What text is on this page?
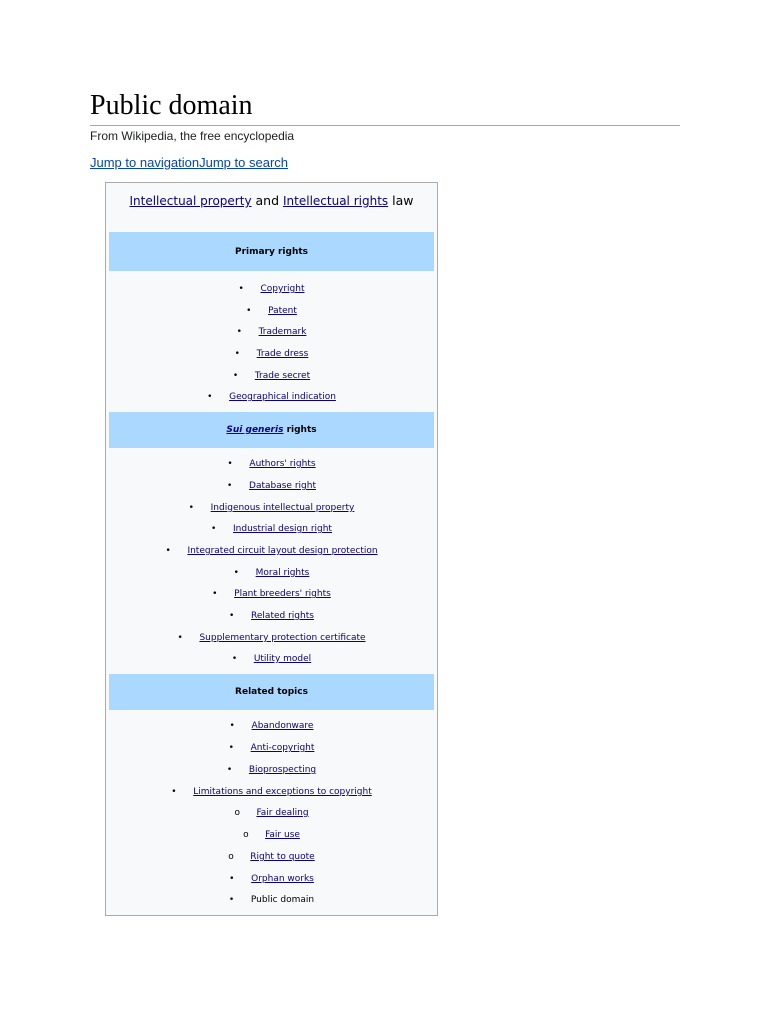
Public domain
From Wikipedia, the free encyclopedia
Jump to navigationJump to search
Intellectual property and Intellectual rights law
Primary rights
• Copyright
• Patent
• Trademark
• Trade dress
• Trade secret
• Geographical indication
Sui generis rights
• Authors' rights
• Database right
• Indigenous intellectual property
• Industrial design right
• Integrated circuit layout design protection
• Moral rights
• Plant breeders' rights
• Related rights
• Supplementary protection certificate
• Utility model
Related topics
• Abandonware
• Anti-copyright
• Bioprospecting
• Limitations and exceptions to copyright
o Fair dealing
o Fair use
o Right to quote
• Orphan works
• Public domain
